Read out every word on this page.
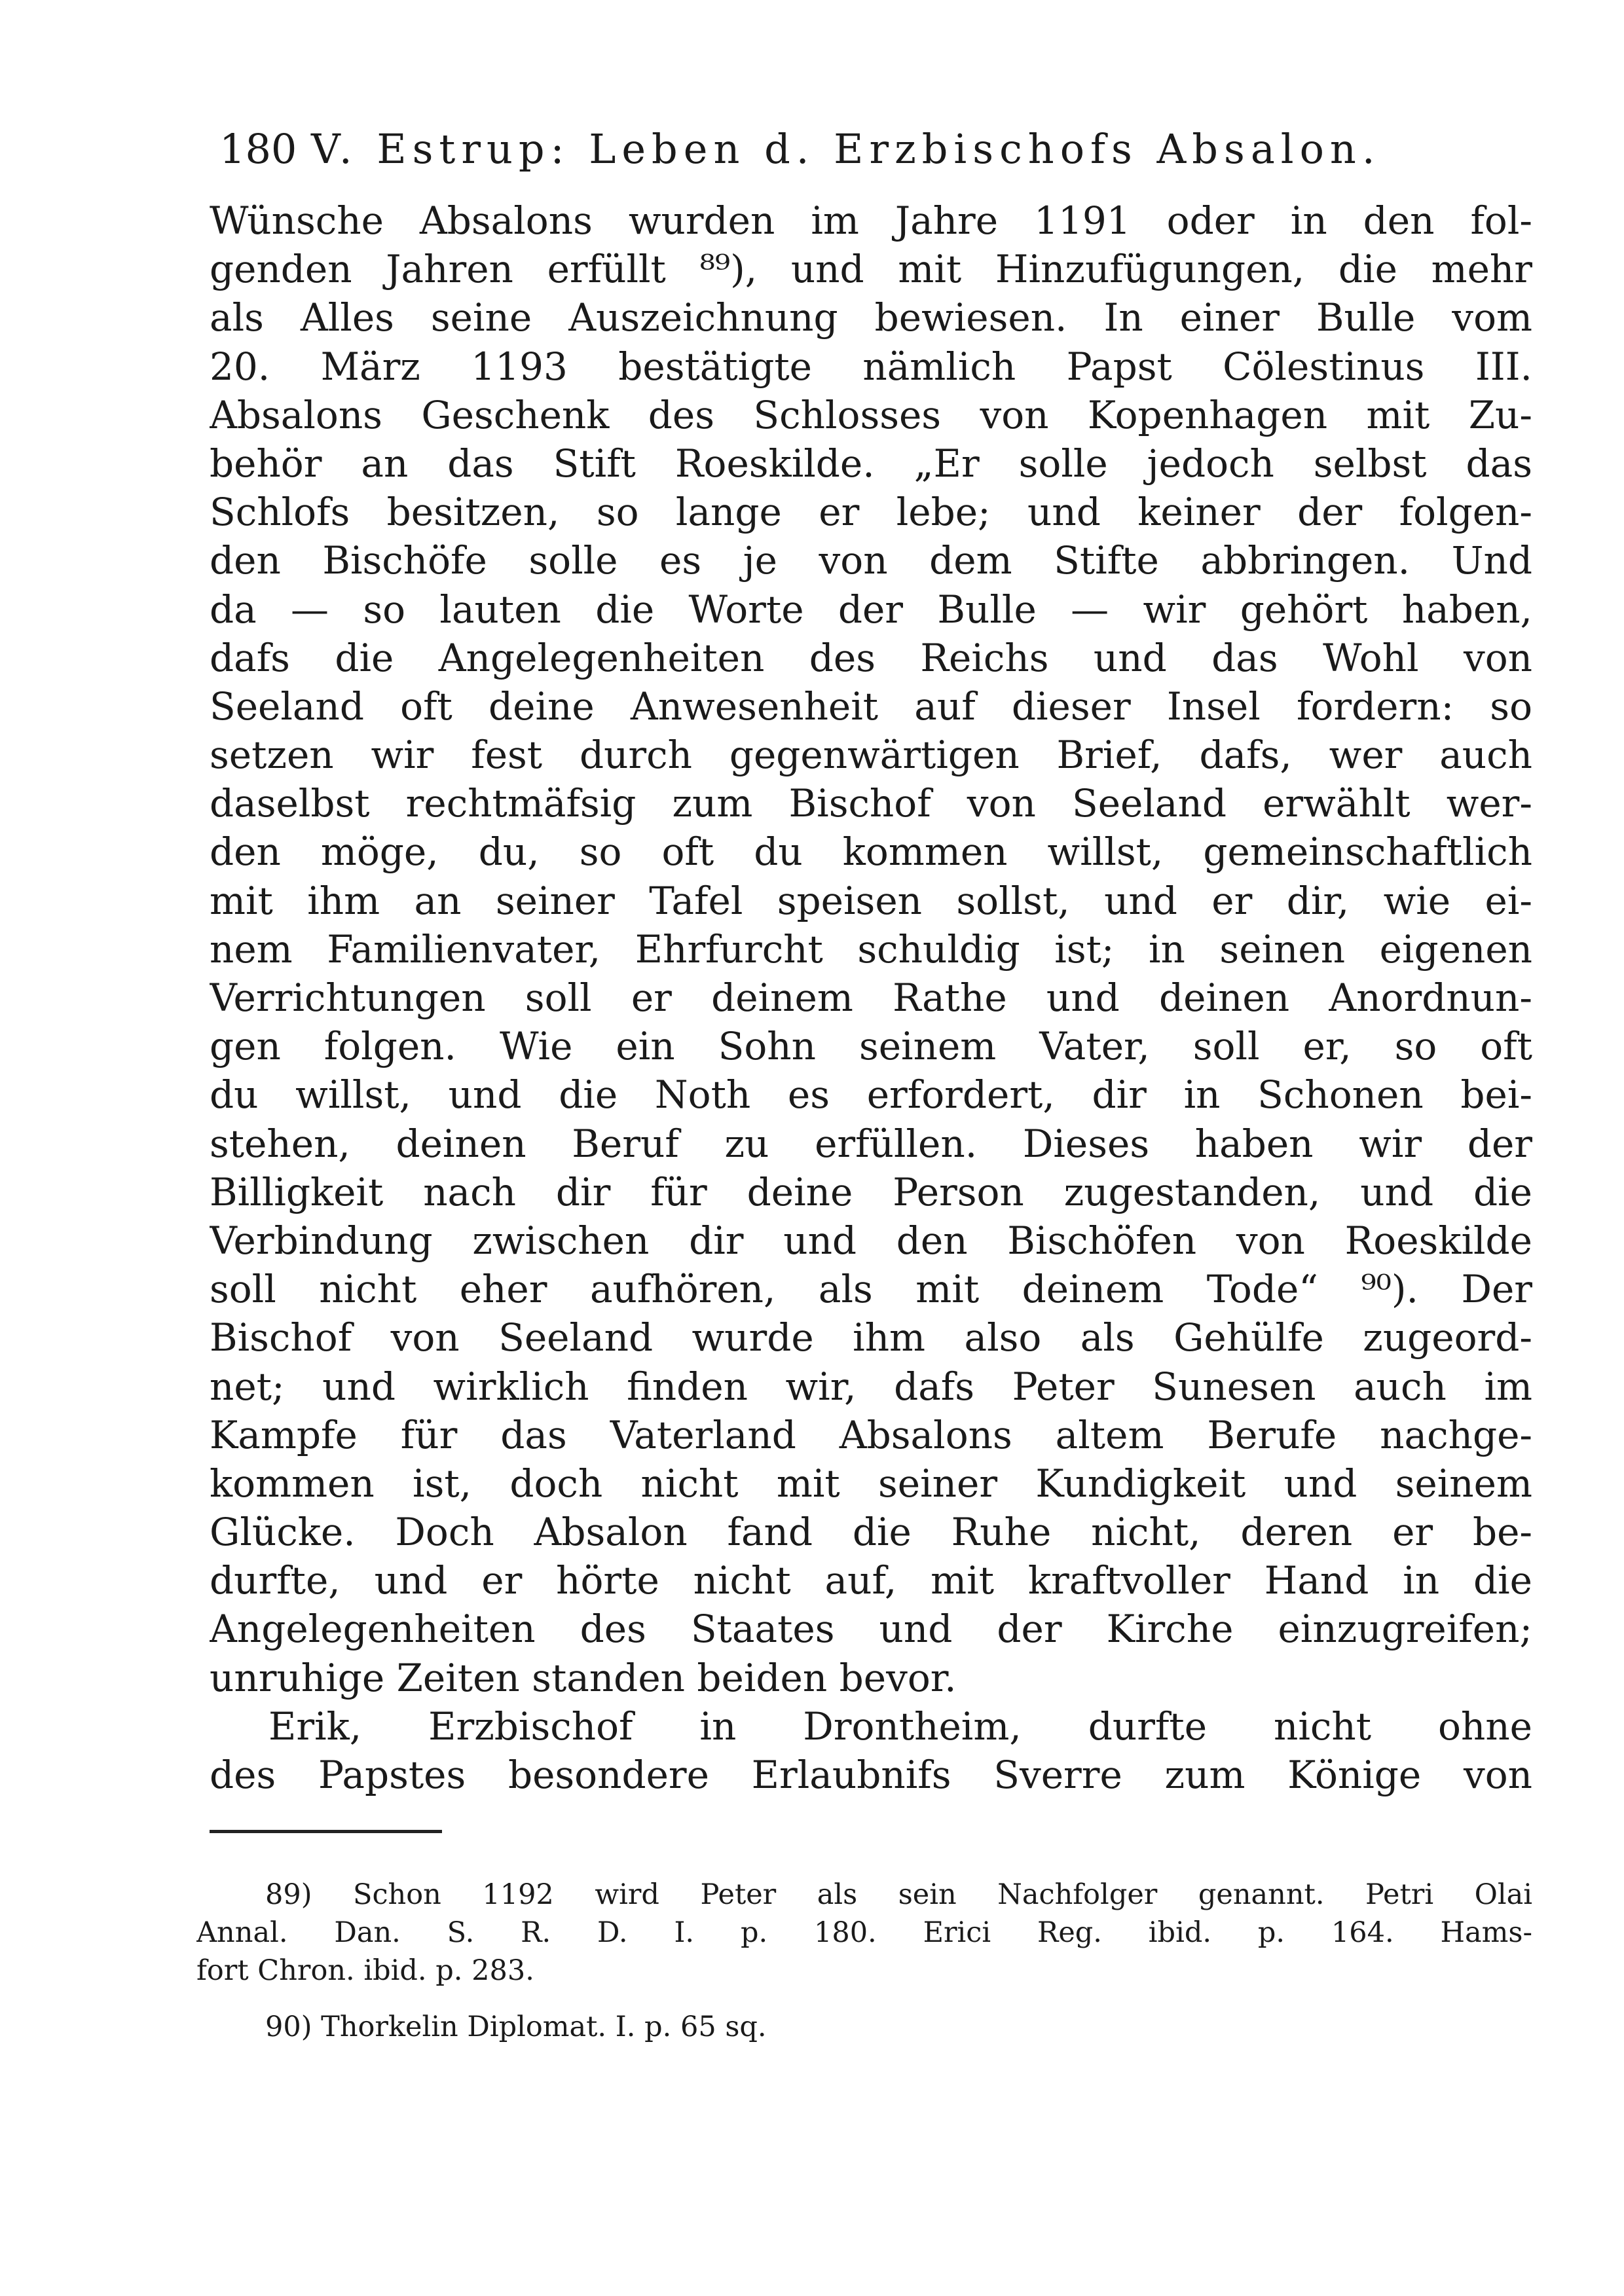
180 V. Estrup: Leben d. Erzbischofs Absalon.
Wünsche Absalons wurden im Jahre 1191 oder in den fol-
genden Jahren erfüllt ⁸⁹), und mit Hinzufügungen, die mehr
als Alles seine Auszeichnung bewiesen. In einer Bulle vom
20. März 1193 bestätigte nämlich Papst Cölestinus III.
Absalons Geschenk des Schlosses von Kopenhagen mit Zu-
behör an das Stift Roeskilde. „Er solle jedoch selbst das
Schlofs besitzen, so lange er lebe; und keiner der folgen-
den Bischöfe solle es je von dem Stifte abbringen. Und
da — so lauten die Worte der Bulle — wir gehört haben,
dafs die Angelegenheiten des Reichs und das Wohl von
Seeland oft deine Anwesenheit auf dieser Insel fordern: so
setzen wir fest durch gegenwärtigen Brief, dafs, wer auch
daselbst rechtmäfsig zum Bischof von Seeland erwählt wer-
den möge, du, so oft du kommen willst, gemeinschaftlich
mit ihm an seiner Tafel speisen sollst, und er dir, wie ei-
nem Familienvater, Ehrfurcht schuldig ist; in seinen eigenen
Verrichtungen soll er deinem Rathe und deinen Anordnun-
gen folgen. Wie ein Sohn seinem Vater, soll er, so oft
du willst, und die Noth es erfordert, dir in Schonen bei-
stehen, deinen Beruf zu erfüllen. Dieses haben wir der
Billigkeit nach dir für deine Person zugestanden, und die
Verbindung zwischen dir und den Bischöfen von Roeskilde
soll nicht eher aufhören, als mit deinem Tode“ ⁹⁰). Der
Bischof von Seeland wurde ihm also als Gehülfe zugeord-
net; und wirklich finden wir, dafs Peter Sunesen auch im
Kampfe für das Vaterland Absalons altem Berufe nachge-
kommen ist, doch nicht mit seiner Kundigkeit und seinem
Glücke. Doch Absalon fand die Ruhe nicht, deren er be-
durfte, und er hörte nicht auf, mit kraftvoller Hand in die
Angelegenheiten des Staates und der Kirche einzugreifen;
unruhige Zeiten standen beiden bevor.
Erik, Erzbischof in Drontheim, durfte nicht ohne
des Papstes besondere Erlaubnifs Sverre zum Könige von
89) Schon 1192 wird Peter als sein Nachfolger genannt. Petri Olai
Annal. Dan. S. R. D. I. p. 180. Erici Reg. ibid. p. 164. Hams-
fort Chron. ibid. p. 283.
90) Thorkelin Diplomat. I. p. 65 sq.
